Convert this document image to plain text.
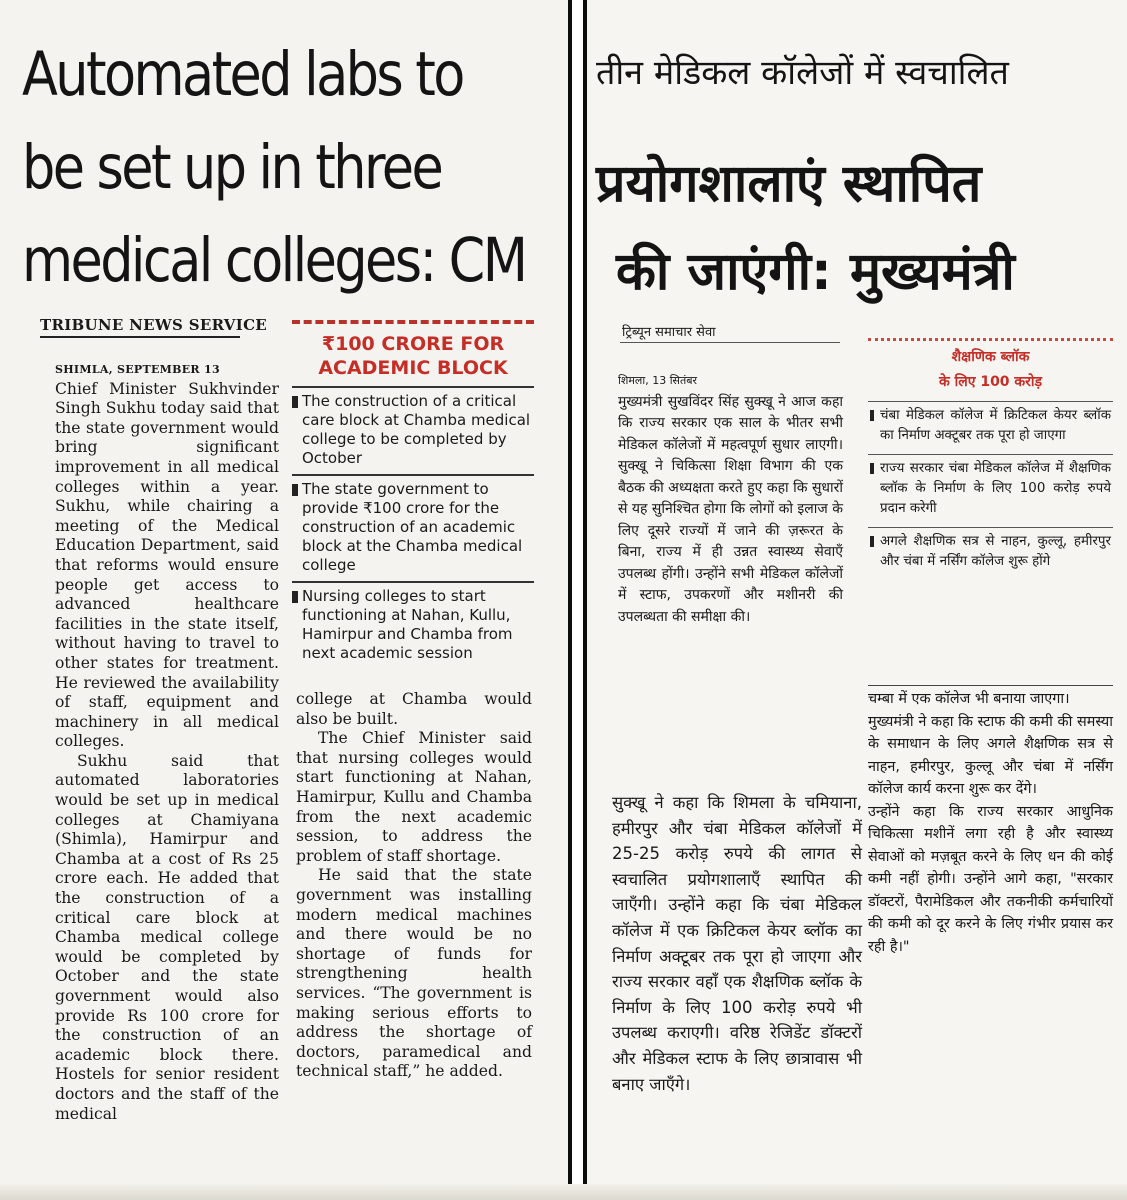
Automated labs to
be set up in three
medical colleges: CM
TRIBUNE NEWS SERVICE

SHIMLA, SEPTEMBER 13

Chief Minister Sukhvinder Singh Sukhu today said that the state government would bring significant improvement in all medical colleges within a year. Sukhu, while chairing a meeting of the Medical Education Department, said that reforms would ensure people get access to advanced healthcare facilities in the state itself, without having to travel to other states for treatment. He reviewed the availability of staff, equipment and machinery in all medical colleges.

Sukhu said that automated laboratories would be set up in medical colleges at Chamiyana (Shimla), Hamirpur and Chamba at a cost of Rs 25 crore each. He added that the construction of a critical care block at Chamba medical college would be completed by October and the state government would also provide Rs 100 crore for the construction of an academic block there. Hostels for senior resident doctors and the staff of the medical

₹100 CRORE FOR ACADEMIC BLOCK
The construction of a critical care block at Chamba medical college to be completed by October
The state government to provide ₹100 crore for the construction of an academic block at the Chamba medical college
Nursing colleges to start functioning at Nahan, Kullu, Hamirpur and Chamba from next academic session

college at Chamba would also be built.

The Chief Minister said that nursing colleges would start functioning at Nahan, Hamirpur, Kullu and Chamba from the next academic session, to address the problem of staff shortage.

He said that the state government was installing modern medical machines and there would be no shortage of funds for strengthening health services. “The government is making serious efforts to address the shortage of doctors, paramedical and technical staff,” he added.

तीन मेडिकल कॉलेजों में स्वचालित
प्रयोगशालाएं स्थापित
की जाएंगी: मुख्यमंत्री
ट्रिब्यून समाचार सेवा

शिमला, 13 सितंबर

मुख्यमंत्री सुखविंदर सिंह सुक्खू ने आज कहा कि राज्य सरकार एक साल के भीतर सभी मेडिकल कॉलेजों में महत्वपूर्ण सुधार लाएगी। सुक्खू ने चिकित्सा शिक्षा विभाग की एक बैठक की अध्यक्षता करते हुए कहा कि सुधारों से यह सुनिश्चित होगा कि लोगों को इलाज के लिए दूसरे राज्यों में जाने की ज़रूरत के बिना, राज्य में ही उन्नत स्वास्थ्य सेवाएँ उपलब्ध होंगी। उन्होंने सभी मेडिकल कॉलेजों में स्टाफ, उपकरणों और मशीनरी की उपलब्धता की समीक्षा की।

सुक्खू ने कहा कि शिमला के चमियाना, हमीरपुर और चंबा मेडिकल कॉलेजों में 25-25 करोड़ रुपये की लागत से स्वचालित प्रयोगशालाएँ स्थापित की जाएँगी। उन्होंने कहा कि चंबा मेडिकल कॉलेज में एक क्रिटिकल केयर ब्लॉक का निर्माण अक्टूबर तक पूरा हो जाएगा और राज्य सरकार वहाँ एक शैक्षणिक ब्लॉक के निर्माण के लिए 100 करोड़ रुपये भी उपलब्ध कराएगी। वरिष्ठ रेजिडेंट डॉक्टरों और मेडिकल स्टाफ के लिए छात्रावास भी बनाए जाएँगे।

शैक्षणिक ब्लॉक
के लिए 100 करोड़
चंबा मेडिकल कॉलेज में क्रिटिकल केयर ब्लॉक का निर्माण अक्टूबर तक पूरा हो जाएगा
राज्य सरकार चंबा मेडिकल कॉलेज में शैक्षणिक ब्लॉक के निर्माण के लिए 100 करोड़ रुपये प्रदान करेगी
अगले शैक्षणिक सत्र से नाहन, कुल्लू, हमीरपुर और चंबा में नर्सिंग कॉलेज शुरू होंगे

चम्बा में एक कॉलेज भी बनाया जाएगा।

मुख्यमंत्री ने कहा कि स्टाफ की कमी की समस्या के समाधान के लिए अगले शैक्षणिक सत्र से नाहन, हमीरपुर, कुल्लू और चंबा में नर्सिंग कॉलेज कार्य करना शुरू कर देंगे।

उन्होंने कहा कि राज्य सरकार आधुनिक चिकित्सा मशीनें लगा रही है और स्वास्थ्य सेवाओं को मज़बूत करने के लिए धन की कोई कमी नहीं होगी। उन्होंने आगे कहा, "सरकार डॉक्टरों, पैरामेडिकल और तकनीकी कर्मचारियों की कमी को दूर करने के लिए गंभीर प्रयास कर रही है।"
